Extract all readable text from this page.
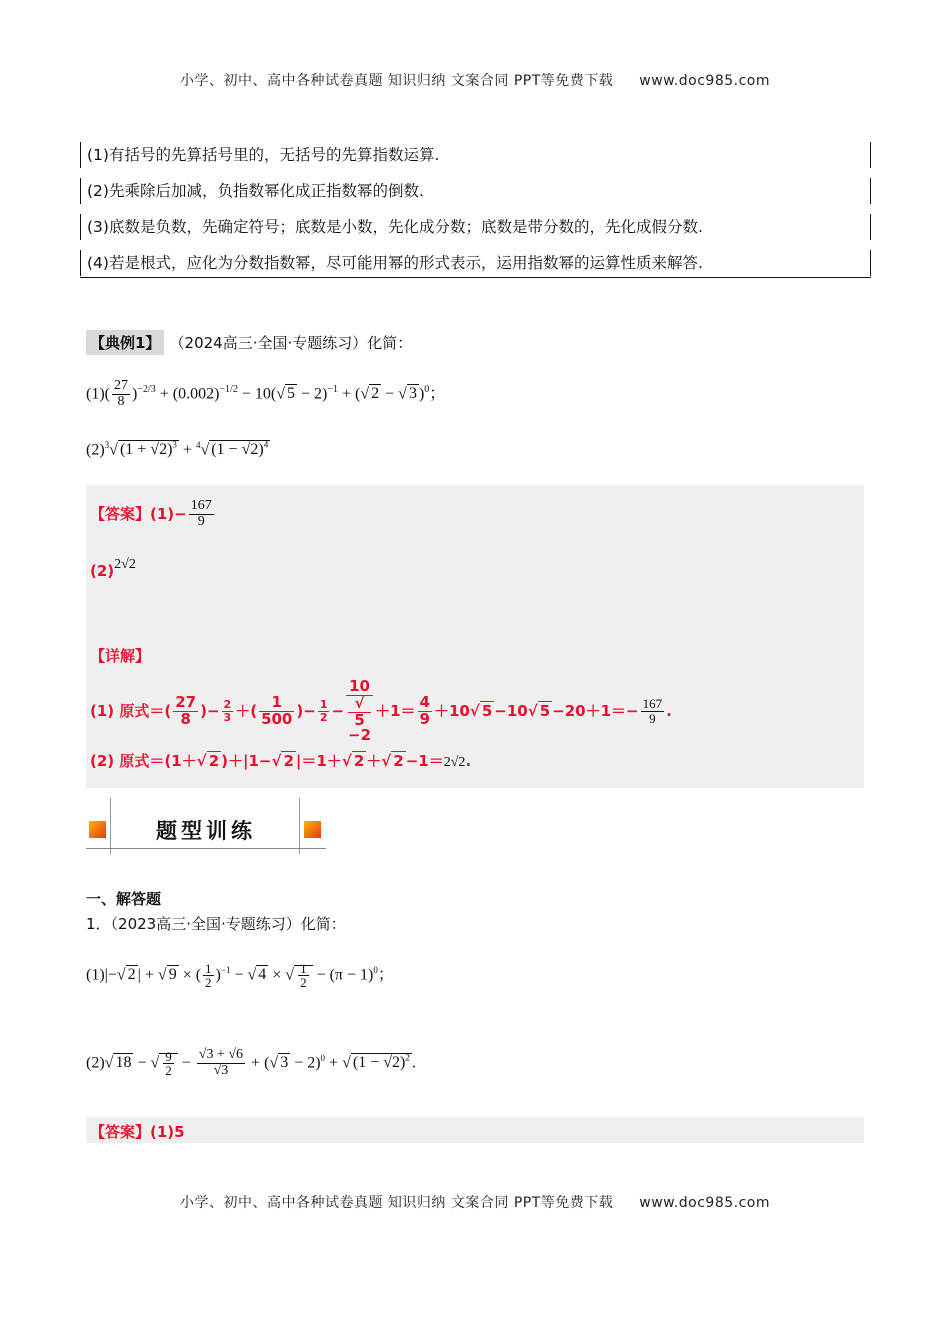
小学、初中、高中各种试卷真题 知识归纳 文案合同 PPT等免费下载 www.doc985.com
(1)有括号的先算括号里的，无括号的先算指数运算.
(2)先乘除后加减，负指数幂化成正指数幂的倒数.
(3)底数是负数，先确定符号；底数是小数，先化成分数；底数是带分数的，先化成假分数.
(4)若是根式，应化为分数指数幂，尽可能用幂的形式表示，运用指数幂的运算性质来解答.
【典例1】 （2024高三·全国·专题练习）化简：
$(1)( \frac{27}{8} )^{-2/3} + (0.002)^{-1/2} - 10(√$ 5 − 2)$^{-1}$ + (√ 2 − √ 3 )$^0$；
$(2)^3√$ $(1 + √2)^3 + ^4√$ $(1 - √2)^4$
【答案】$(1)- \frac{167}{9}$
(2)2√2
【详解】
(1) 原式＝( $\frac{27}{8}$ )− $\frac{2}{3}$ ＋( $\frac{1}{500}$ )− $\frac{1}{2} - 10$
√
5
$-2 +1= \frac{4}{9} +10√$ 5 −10√ $5 -20+1=- \frac{167}{9}$ .
(2) 原式＝(1＋√ 2 )＋|1−√ 2 |＝1＋√ 2 ＋√ 2 −1＝2√2.
题型训练
一、解答题
1．（2023高三·全国·专题练习）化简：
(1)|−√ 2 | + √ 9 × ( $\frac{1}{2} )^{-1}$ − √ 4 × √ $\frac{1}{2} - (\pi - 1)^0$；
(2)√ 18 − √ $\frac{9}{2} - \frac{√3 + √6}{√3}$ + (√ 3 − 2)$^0$ + √ $(1 - √2)^2$ .
【答案】(1)5
小学、初中、高中各种试卷真题 知识归纳 文案合同 PPT等免费下载 www.doc985.com
